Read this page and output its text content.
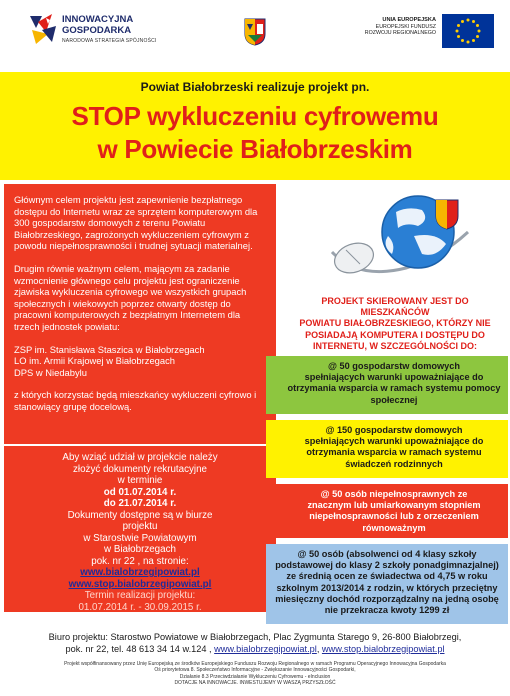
INNOWACYJNA
GOSPODARKA
NARODOWA STRATEGIA SPÓJNOŚCI
UNIA EUROPEJSKA
EUROPEJSKI FUNDUSZ
ROZWOJU REGIONALNEGO
Powiat Białobrzeski realizuje projekt pn.
STOP wykluczeniu cyfrowemu
w Powiecie Białobrzeskim

Głównym celem projektu jest zapewnienie bezpłatnego dostępu do Internetu wraz ze sprzętem komputerowym dla 300 gospodarstw domowych z terenu Powiatu Białobrzeskiego, zagrożonych wykluczeniem cyfrowym z powodu niepełnosprawności i trudnej sytuacji materialnej.

Drugim równie ważnym celem, mającym za zadanie wzmocnienie głównego celu projektu jest ograniczenie zjawiska wykluczenia cyfrowego we wszystkich grupach społecznych i wiekowych poprzez otwarty dostęp do pracowni komputerowych z bezpłatnym Internetem dla trzech jednostek powiatu:

ZSP im. Stanisława Staszica w Białobrzegach
LO im. Armii Krajowej w Białobrzegach
DPS w Niedabylu

z których korzystać będą mieszkańcy wykluczeni cyfrowo i stanowiący grupę docelową.

Aby wziąć udział w projekcie należy
złożyć dokumenty rekrutacyjne
w terminie
od 01.07.2014 r.
do 21.07.2014 r.
Dokumenty dostępne są w biurze
projektu
w Starostwie Powiatowym
w Białobrzegach
pok. nr 22 , na stronie:
www.bialobrzegipowiat.pl
www.stop.bialobrzegipowiat.pl
Termin realizacji projektu:
01.07.2014 r. - 30.09.2015 r.
PROJEKT SKIEROWANY JEST DO
MIESZKAŃCÓW
POWIATU BIAŁOBRZESKIEGO, KTÓRZY NIE
POSIADAJĄ KOMPUTERA I DOSTĘPU DO
INTERNETU, W SZCZEGÓLNOŚCI DO:
@ 50 gospodarstw domowych
spełniających warunki upoważniające do otrzymania wsparcia w ramach systemu pomocy społecznej
@ 150 gospodarstw domowych
spełniających warunki upoważniające do otrzymania wsparcia w ramach systemu świadczeń rodzinnych
@ 50 osób niepełnosprawnych ze
znacznym lub umiarkowanym stopniem niepełnosprawności lub z orzeczeniem równoważnym
@ 50 osób (absolwenci od 4 klasy szkoły podstawowej do klasy 2 szkoły ponadgimnazjalnej) ze średnią ocen ze świadectwa od 4,75 w roku szkolnym 2013/2014 z rodzin, w których przeciętny miesięczny dochód rozporządzalny na jedną osobę nie przekracza kwoty 1299 zł
Biuro projektu: Starostwo Powiatowe w Białobrzegach, Plac Zygmunta Starego 9, 26-800 Białobrzegi,
pok. nr 22, tel. 48 613 34 14 w.124 , www.bialobrzegipowiat.pl, www.stop.bialobrzegipowiat.pl
Projekt współfinansowany przez Unię Europejską ze środków Europejskiego Funduszu Rozwoju Regionalnego w ramach Programu Operacyjnego Innowacyjna Gospodarka
Oś priorytetowa 8. Społeczeństwo Informacyjne - Zwiększanie Innowacyjności Gospodarki,
Działanie 8.3 Przeciwdziałanie Wykluczeniu Cyfrowemu - eInclusion
DOTACJE NA INNOWACJE. INWESTUJEMY W WASZĄ PRZYSZŁOŚĆ
